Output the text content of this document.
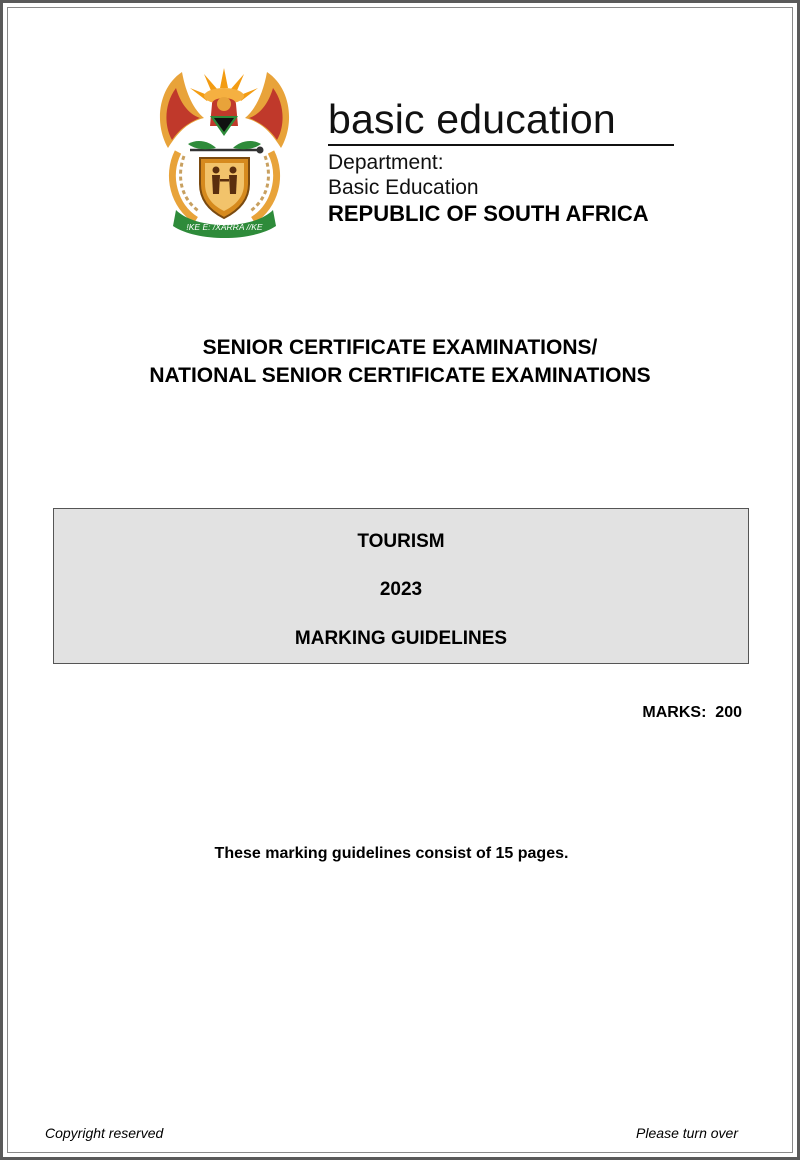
!KE E: /XARRA //KE
basic education
Department:
Basic Education
REPUBLIC OF SOUTH AFRICA
SENIOR CERTIFICATE EXAMINATIONS/
NATIONAL SENIOR CERTIFICATE EXAMINATIONS
TOURISM
2023
MARKING GUIDELINES
MARKS:  200
These marking guidelines consist of 15 pages.
Copyright reserved	Please turn over
